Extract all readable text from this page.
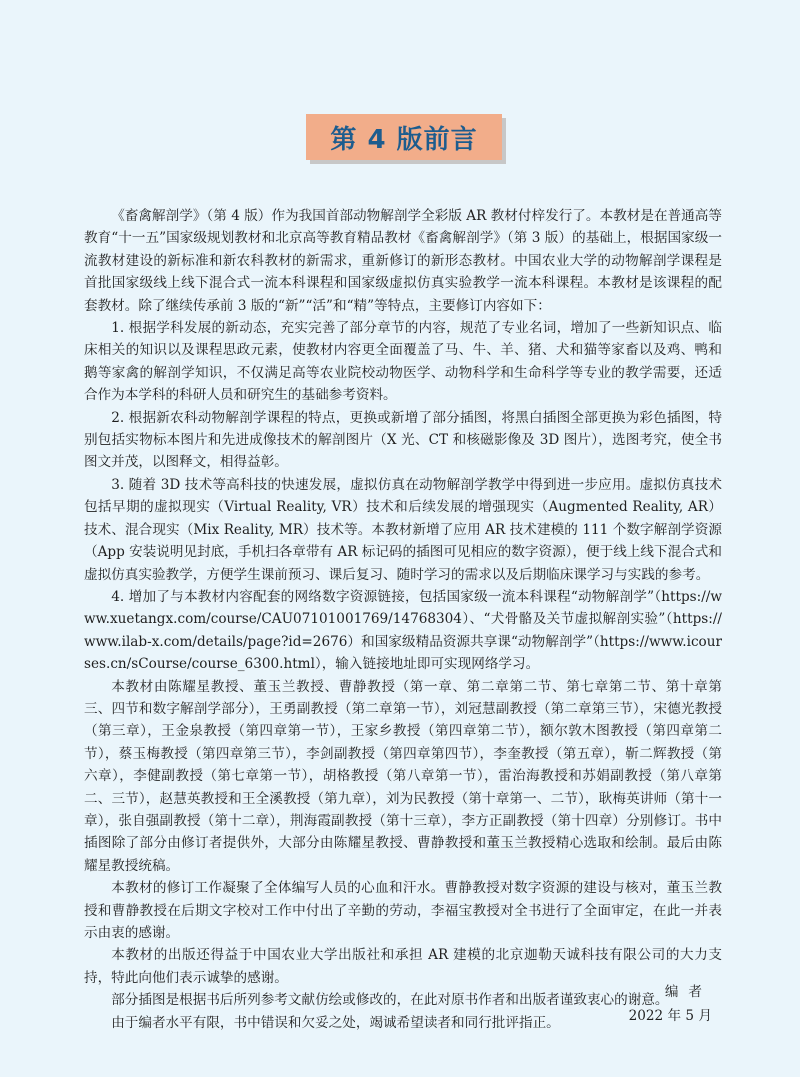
第 4 版前言

《畜禽解剖学》（第 4 版）作为我国首部动物解剖学全彩版 AR 教材付梓发行了。本教材是在普通高等教育“十一五”国家级规划教材和北京高等教育精品教材《畜禽解剖学》（第 3 版）的基础上，根据国家级一流教材建设的新标准和新农科教材的新需求，重新修订的新形态教材。中国农业大学的动物解剖学课程是首批国家级线上线下混合式一流本科课程和国家级虚拟仿真实验教学一流本科课程。本教材是该课程的配套教材。除了继续传承前 3 版的“新”“活”和“精”等特点，主要修订内容如下：

1. 根据学科发展的新动态，充实完善了部分章节的内容，规范了专业名词，增加了一些新知识点、临床相关的知识以及课程思政元素，使教材内容更全面覆盖了马、牛、羊、猪、犬和猫等家畜以及鸡、鸭和鹅等家禽的解剖学知识，不仅满足高等农业院校动物医学、动物科学和生命科学等专业的教学需要，还适合作为本学科的科研人员和研究生的基础参考资料。

2. 根据新农科动物解剖学课程的特点，更换或新增了部分插图，将黑白插图全部更换为彩色插图，特别包括实物标本图片和先进成像技术的解剖图片（X 光、CT 和核磁影像及 3D 图片），选图考究，使全书图文并茂，以图释文，相得益彰。

3. 随着 3D 技术等高科技的快速发展，虚拟仿真在动物解剖学教学中得到进一步应用。虚拟仿真技术包括早期的虚拟现实（Virtual Reality, VR）技术和后续发展的增强现实（Augmented Reality, AR）技术、混合现实（Mix Reality, MR）技术等。本教材新增了应用 AR 技术建模的 111 个数字解剖学资源（App 安装说明见封底，手机扫各章带有 AR 标记码的插图可见相应的数字资源），便于线上线下混合式和虚拟仿真实验教学，方便学生课前预习、课后复习、随时学习的需求以及后期临床课学习与实践的参考。

4. 增加了与本教材内容配套的网络数字资源链接，包括国家级一流本科课程“动物解剖学”（https://www.xuetangx.com/course/CAU07101001769/14768304）、“犬骨骼及关节虚拟解剖实验”（https://www.ilab-x.com/details/page?id=2676）和国家级精品资源共享课“动物解剖学”（https://www.icourses.cn/sCourse/course_6300.html），输入链接地址即可实现网络学习。

本教材由陈耀星教授、董玉兰教授、曹静教授（第一章、第二章第二节、第七章第二节、第十章第三、四节和数字解剖学部分），王勇副教授（第二章第一节），刘冠慧副教授（第二章第三节），宋德光教授（第三章），王金泉教授（第四章第一节），王家乡教授（第四章第二节），额尔敦木图教授（第四章第二节），蔡玉梅教授（第四章第三节），李剑副教授（第四章第四节），李奎教授（第五章），靳二辉教授（第六章），李健副教授（第七章第一节），胡格教授（第八章第一节），雷治海教授和苏娟副教授（第八章第二、三节），赵慧英教授和王全溪教授（第九章），刘为民教授（第十章第一、二节），耿梅英讲师（第十一章），张自强副教授（第十二章），荆海霞副教授（第十三章），李方正副教授（第十四章）分别修订。书中插图除了部分由修订者提供外，大部分由陈耀星教授、曹静教授和董玉兰教授精心选取和绘制。最后由陈耀星教授统稿。

本教材的修订工作凝聚了全体编写人员的心血和汗水。曹静教授对数字资源的建设与核对，董玉兰教授和曹静教授在后期文字校对工作中付出了辛勤的劳动，李福宝教授对全书进行了全面审定，在此一并表示由衷的感谢。

本教材的出版还得益于中国农业大学出版社和承担 AR 建模的北京迦勒天诚科技有限公司的大力支持，特此向他们表示诚挚的感谢。

部分插图是根据书后所列参考文献仿绘或修改的，在此对原书作者和出版者谨致衷心的谢意。

由于编者水平有限，书中错误和欠妥之处，竭诚希望读者和同行批评指正。

编者
2022 年 5 月
